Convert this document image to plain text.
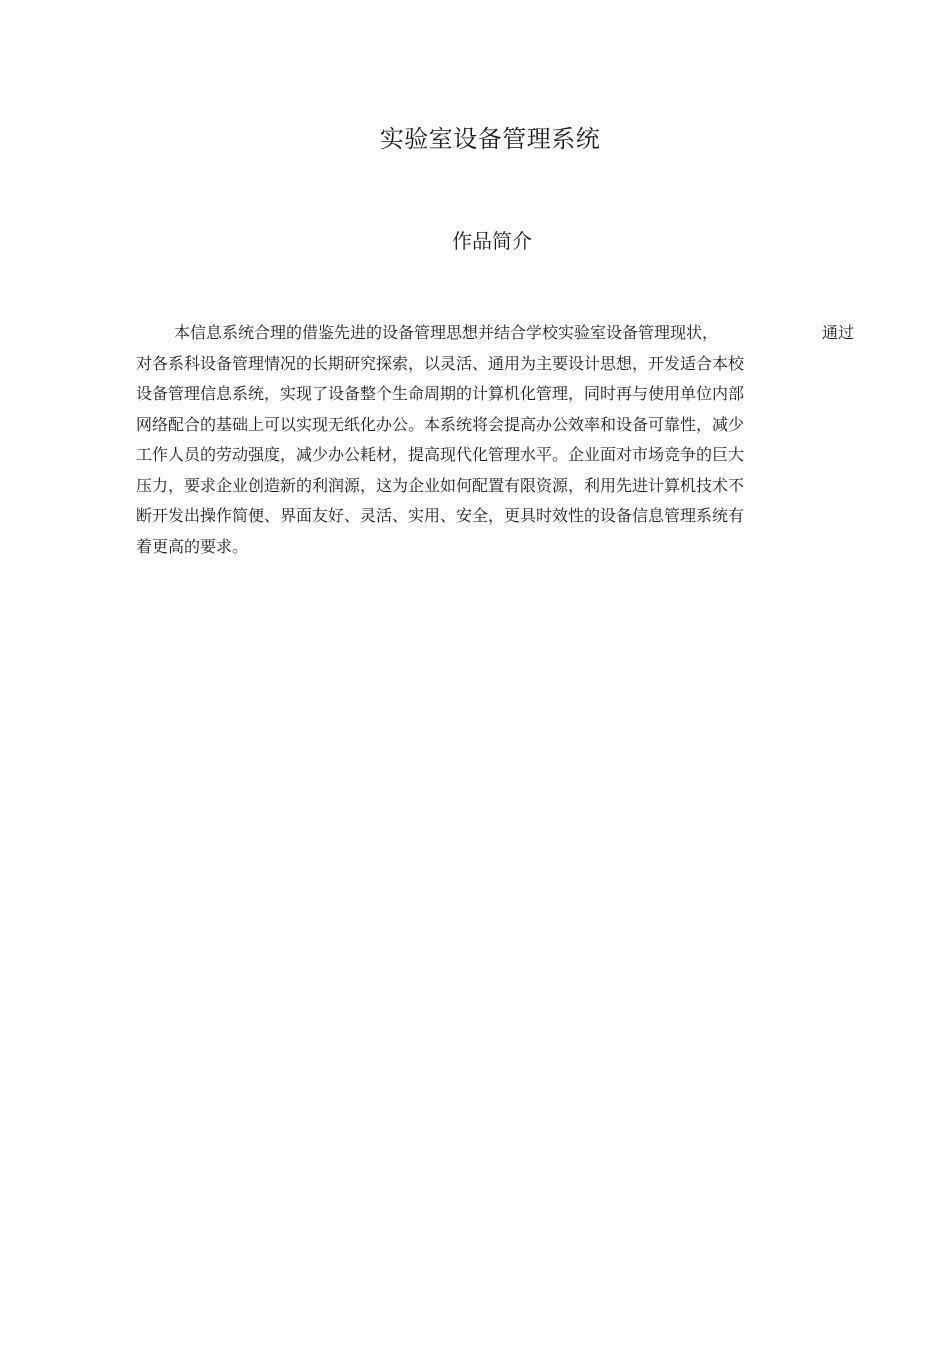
实验室设备管理系统
作品简介
本信息系统合理的借鉴先进的设备管理思想并结合学校实验室设备管理现状，	通过
对各系科设备管理情况的长期研究探索，以灵活、通用为主要设计思想，开发适合本校
设备管理信息系统，实现了设备整个生命周期的计算机化管理，同时再与使用单位内部
网络配合的基础上可以实现无纸化办公。本系统将会提高办公效率和设备可靠性，减少
工作人员的劳动强度，减少办公耗材，提高现代化管理水平。企业面对市场竞争的巨大
压力，要求企业创造新的利润源，这为企业如何配置有限资源，利用先进计算机技术不
断开发出操作简便、界面友好、灵活、实用、安全，更具时效性的设备信息管理系统有
着更高的要求。
